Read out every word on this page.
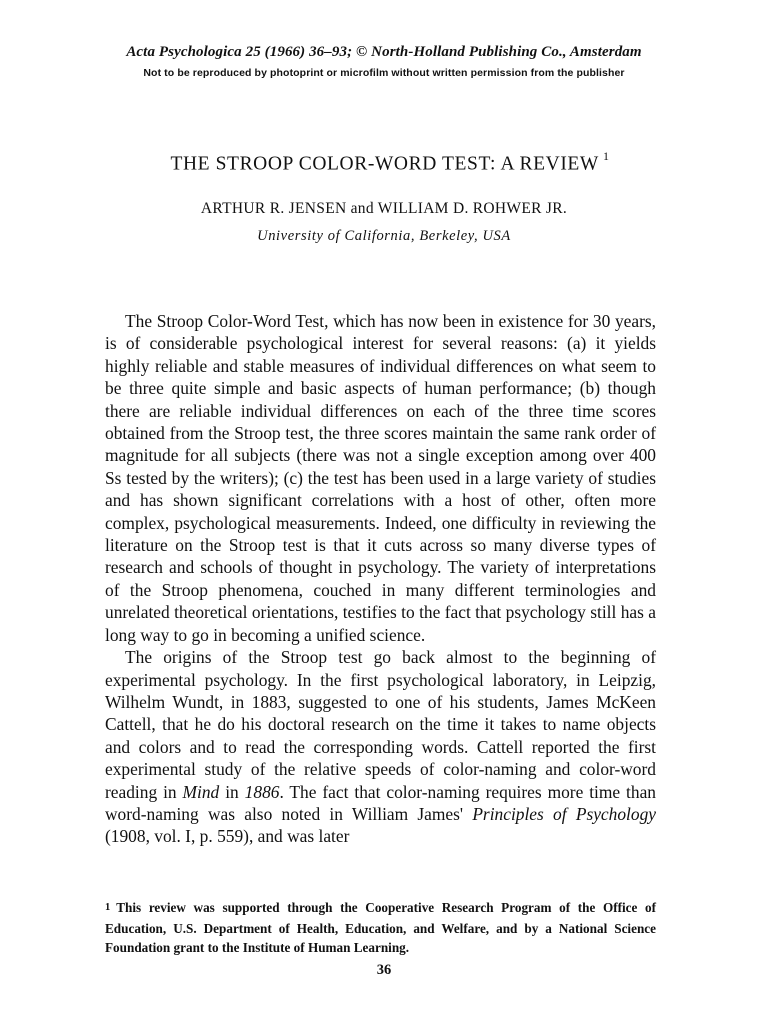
Acta Psychologica 25 (1966) 36–93; © North-Holland Publishing Co., Amsterdam
Not to be reproduced by photoprint or microfilm without written permission from the publisher
THE STROOP COLOR-WORD TEST: A REVIEW $^1$
ARTHUR R. JENSEN and WILLIAM D. ROHWER JR.
University of California, Berkeley, USA

The Stroop Color-Word Test, which has now been in existence for 30 years, is of considerable psychological interest for several reasons: (a) it yields highly reliable and stable measures of individual differences on what seem to be three quite simple and basic aspects of human performance; (b) though there are reliable individual differences on each of the three time scores obtained from the Stroop test, the three scores maintain the same rank order of magnitude for all subjects (there was not a single exception among over 400 Ss tested by the writers); (c) the test has been used in a large variety of studies and has shown significant correlations with a host of other, often more complex, psychological measurements. Indeed, one difficulty in reviewing the literature on the Stroop test is that it cuts across so many diverse types of research and schools of thought in psychology. The variety of interpretations of the Stroop phenomena, couched in many different terminologies and unrelated theoretical orientations, testifies to the fact that psychology still has a long way to go in becoming a unified science.

The origins of the Stroop test go back almost to the beginning of experimental psychology. In the first psychological laboratory, in Leipzig, Wilhelm Wundt, in 1883, suggested to one of his students, James McKeen Cattell, that he do his doctoral research on the time it takes to name objects and colors and to read the corresponding words. Cattell reported the first experimental study of the relative speeds of color-naming and color-word reading in Mind in 1886. The fact that color-naming requires more time than word-naming was also noted in William James' Principles of Psychology (1908, vol. I, p. 559), and was later

1 This review was supported through the Cooperative Research Program of the Office of Education, U.S. Department of Health, Education, and Welfare, and by a National Science Foundation grant to the Institute of Human Learning.
36
